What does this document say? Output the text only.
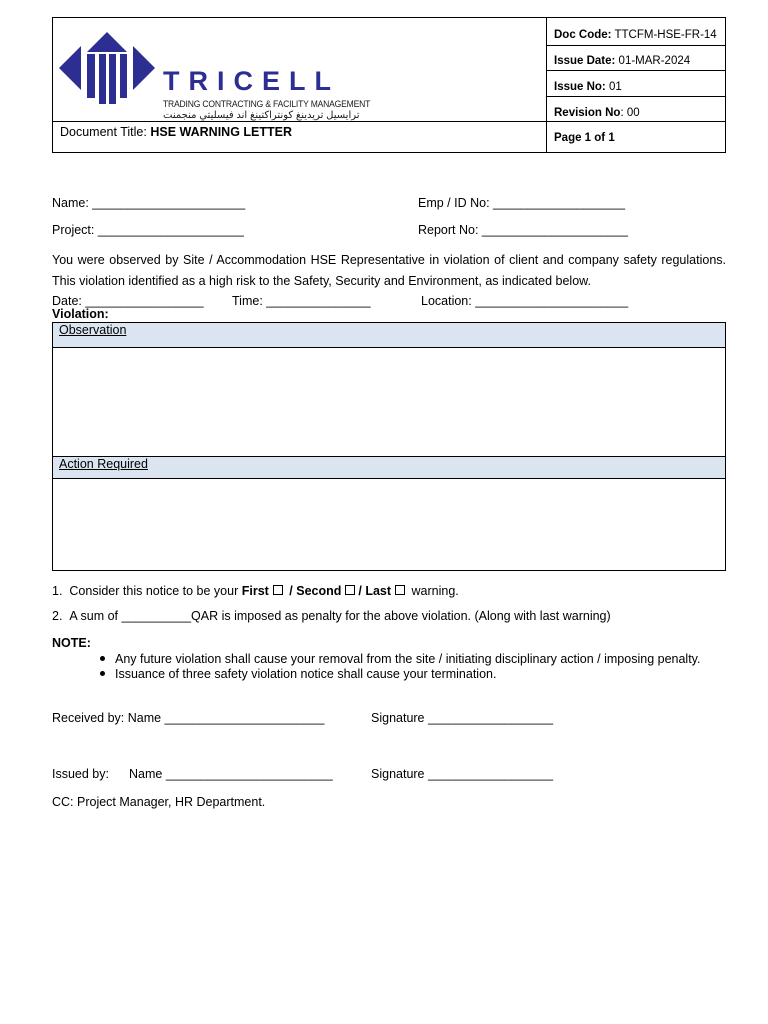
TRICELL
TRADING CONTRACTING & FACILITY MANAGEMENT
ترايسيل تريدينغ كونتراكتينغ اند فيسليتي منجمنت
Doc Code: TTCFM-HSE-FR-14
Issue Date: 01-MAR-2024
Issue No: 01
Revision No: 00
Page 1 of 1
Document Title: HSE WARNING LETTER
Name: ______________________	Emp / ID No: ___________________
Project: _____________________	Report No: _____________________
You were observed by Site / Accommodation HSE Representative in violation of client and company safety regulations. This violation identified as a high risk to the Safety, Security and Environment, as indicated below.
Date: _________________ Time: _______________	Location: ______________________
Violation:
Observation
Action Required
1. Consider this notice to be your First / Second / Last warning.
2. A sum of __________QAR is imposed as penalty for the above violation. (Along with last warning)
NOTE:
Any future violation shall cause your removal from the site / initiating disciplinary action / imposing penalty.
Issuance of three safety violation notice shall cause your termination.
Received by: Name _______________________	Signature __________________
Issued by: Name ________________________	Signature __________________
CC: Project Manager, HR Department.
